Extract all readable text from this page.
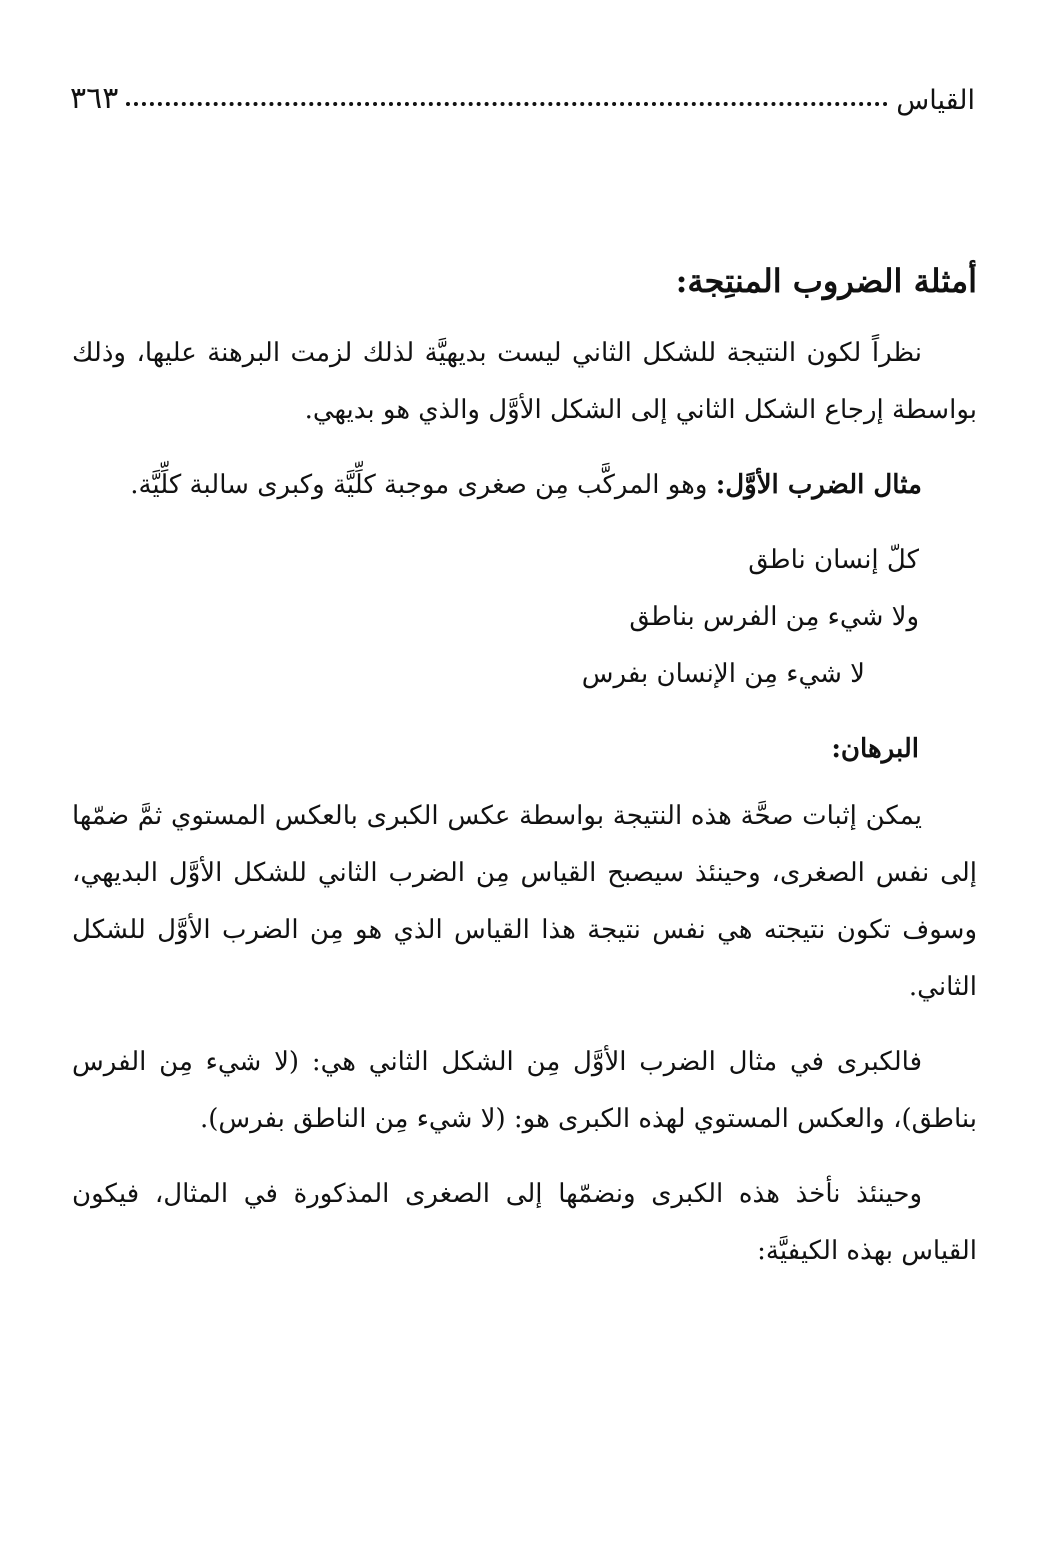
القياس
٣٦٣
أمثلة الضروب المنتِجة:

نظراً لكون النتيجة للشكل الثاني ليست بديهيَّة لذلك لزمت البرهنة عليها، وذلك بواسطة إرجاع الشكل الثاني إلى الشكل الأوَّل والذي هو بديهي.

مثال الضرب الأوَّل: وهو المركَّب مِن صغرى موجبة كلِّيَّة وكبرى سالبة كلِّيَّة.

كلّ إنسان ناطق
ولا شيء مِن الفرس بناطق
لا شيء مِن الإنسان بفرس
البرهان:

يمكن إثبات صحَّة هذه النتيجة بواسطة عكس الكبرى بالعكس المستوي ثمَّ ضمّها إلى نفس الصغرى، وحينئذ سيصبح القياس مِن الضرب الثاني للشكل الأوَّل البديهي، وسوف تكون نتيجته هي نفس نتيجة هذا القياس الذي هو مِن الضرب الأوَّل للشكل الثاني.

فالكبرى في مثال الضرب الأوَّل مِن الشكل الثاني هي: (لا شيء مِن الفرس بناطق)، والعكس المستوي لهذه الكبرى هو: (لا شيء مِن الناطق بفرس).

وحينئذ نأخذ هذه الكبرى ونضمّها إلى الصغرى المذكورة في المثال، فيكون القياس بهذه الكيفيَّة:
